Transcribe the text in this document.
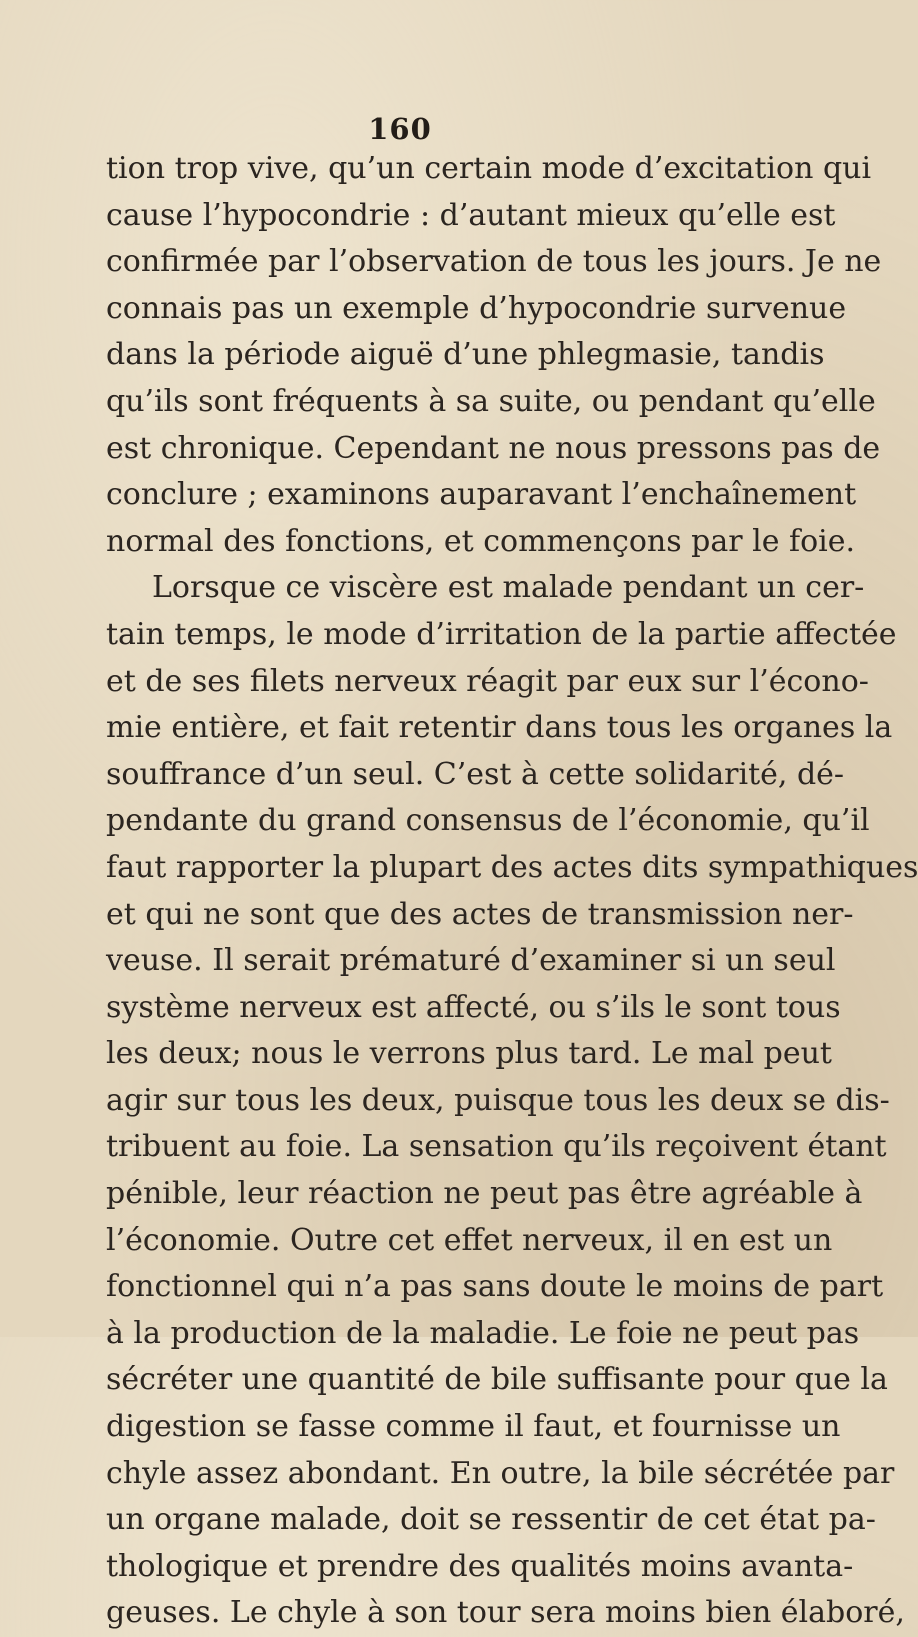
160
tion trop vive, qu’un certain mode d’excitation qui
cause l’hypocondrie : d’autant mieux qu’elle est
confirmée par l’observation de tous les jours. Je ne
connais pas un exemple d’hypocondrie survenue
dans la période aiguë d’une phlegmasie, tandis
qu’ils sont fréquents à sa suite, ou pendant qu’elle
est chronique. Cependant ne nous pressons pas de
conclure ; examinons auparavant l’enchaînement
normal des fonctions, et commençons par le foie.
Lorsque ce viscère est malade pendant un cer-
tain temps, le mode d’irritation de la partie affectée
et de ses filets nerveux réagit par eux sur l’écono-
mie entière, et fait retentir dans tous les organes la
souffrance d’un seul. C’est à cette solidarité, dé-
pendante du grand consensus de l’économie, qu’il
faut rapporter la plupart des actes dits sympathiques
et qui ne sont que des actes de transmission ner-
veuse. Il serait prématuré d’examiner si un seul
système nerveux est affecté, ou s’ils le sont tous
les deux; nous le verrons plus tard. Le mal peut
agir sur tous les deux, puisque tous les deux se dis-
tribuent au foie. La sensation qu’ils reçoivent étant
pénible, leur réaction ne peut pas être agréable à
l’économie. Outre cet effet nerveux, il en est un
fonctionnel qui n’a pas sans doute le moins de part
à la production de la maladie. Le foie ne peut pas
sécréter une quantité de bile suffisante pour que la
digestion se fasse comme il faut, et fournisse un
chyle assez abondant. En outre, la bile sécrétée par
un organe malade, doit se ressentir de cet état pa-
thologique et prendre des qualités moins avanta-
geuses. Le chyle à son tour sera moins bien élaboré,
